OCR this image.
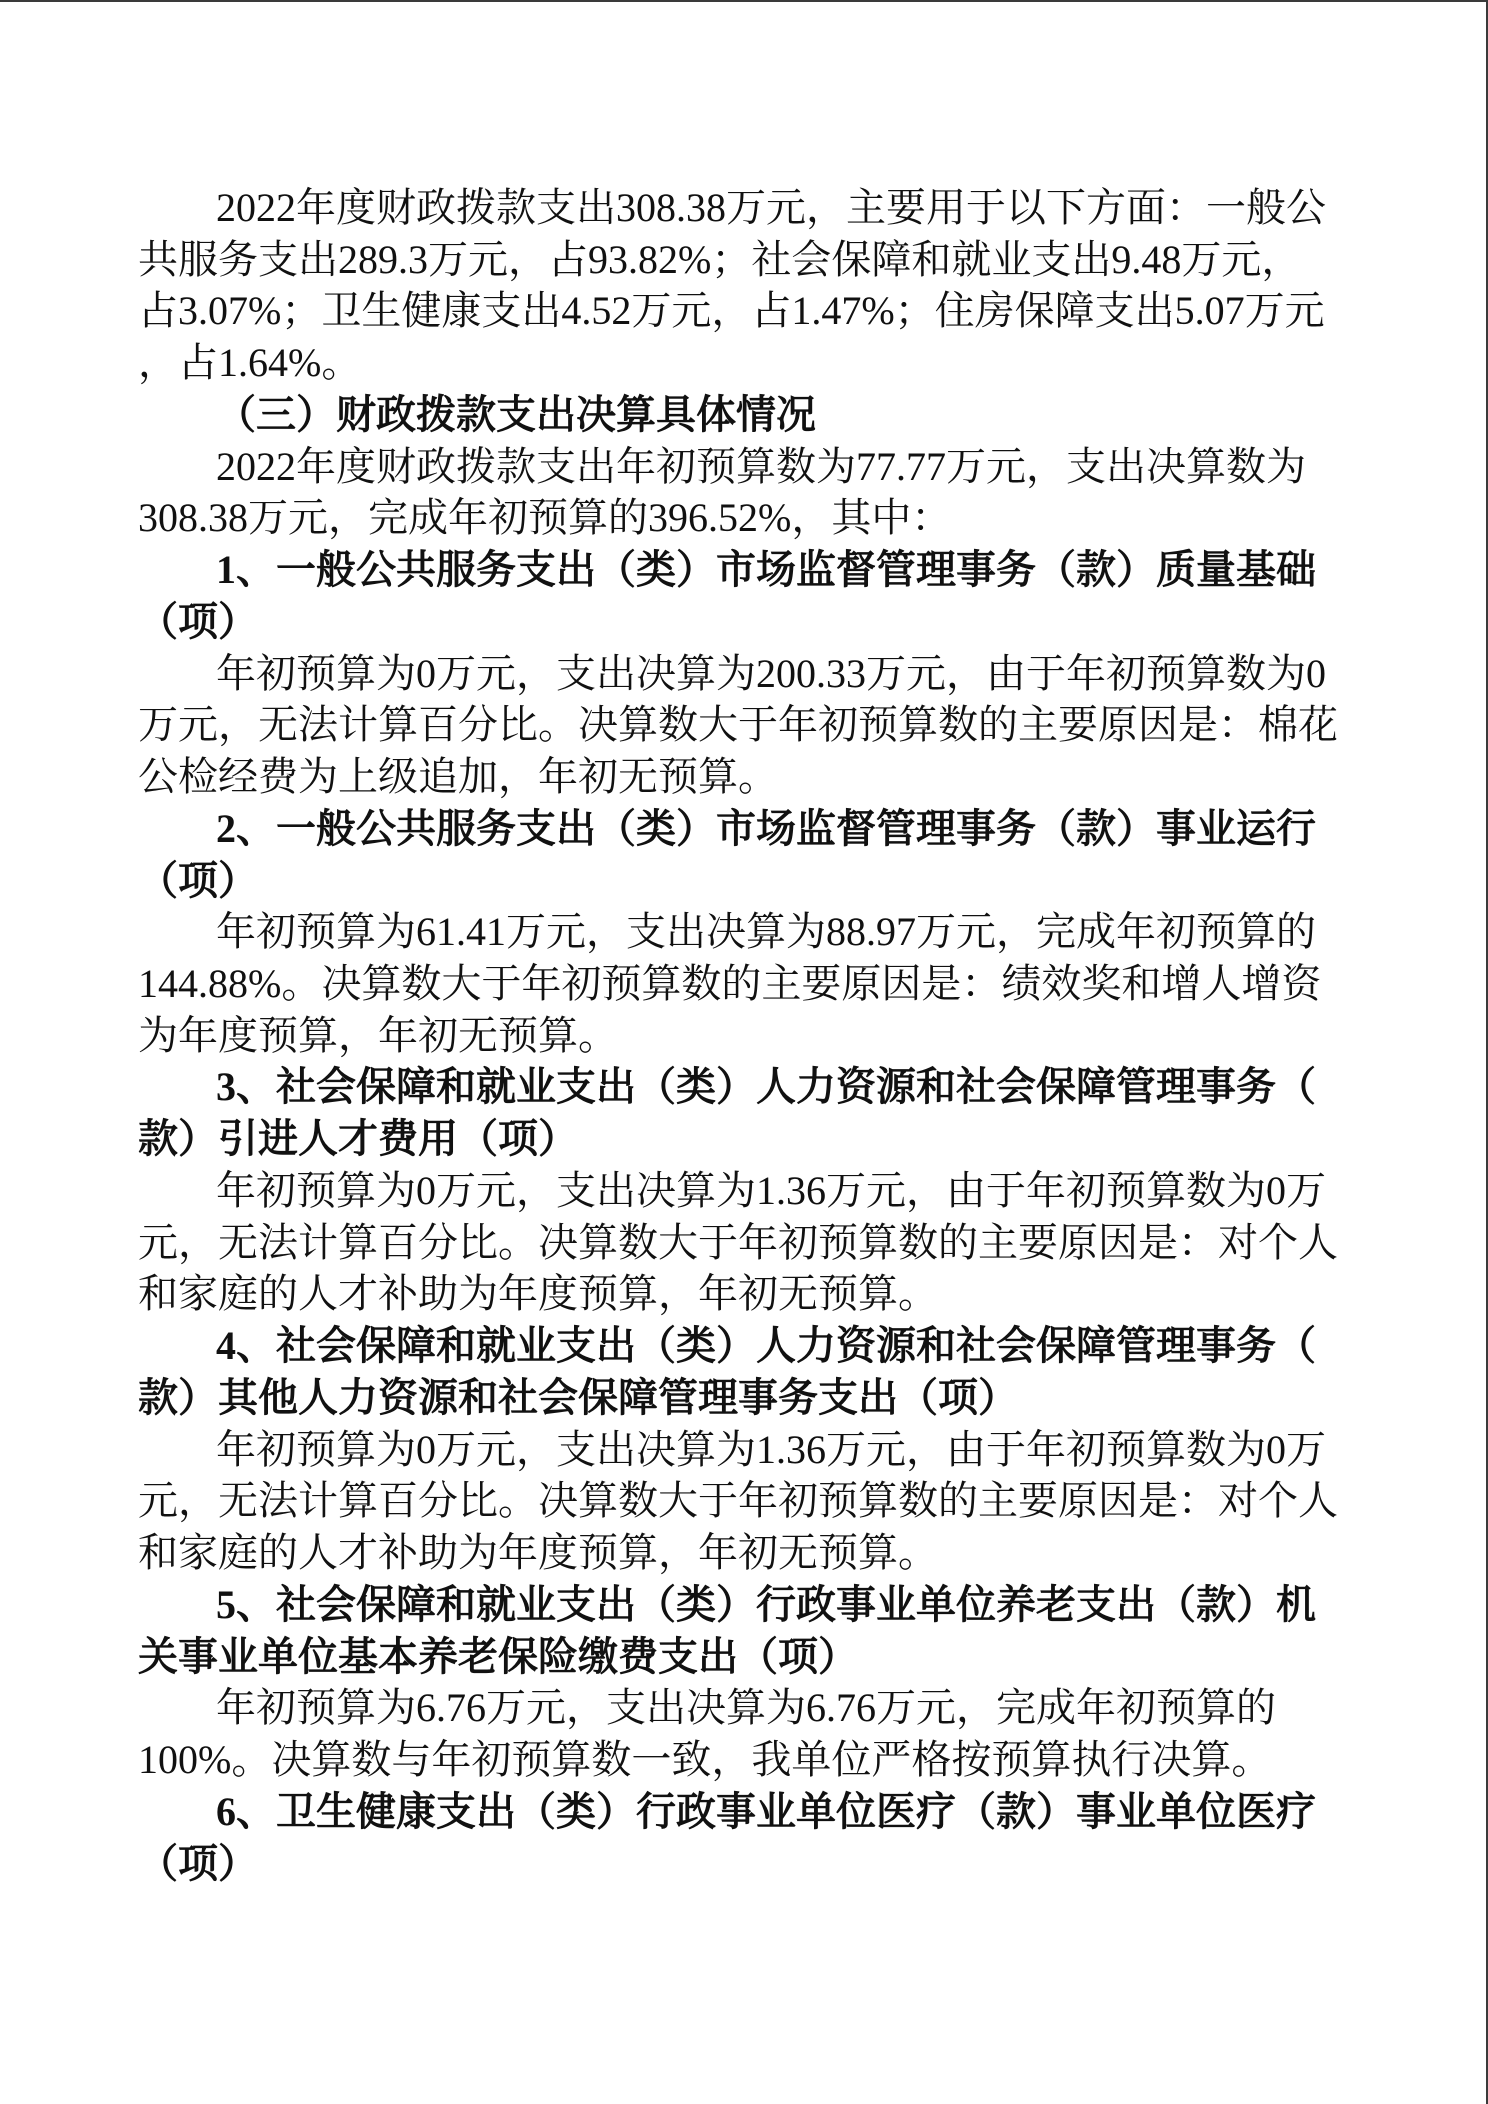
2022年度财政拨款支出308.38万元，主要用于以下方面：一般公
共服务支出289.3万元，占93.82%；社会保障和就业支出9.48万元，
占3.07%；卫生健康支出4.52万元，占1.47%；住房保障支出5.07万元
，占1.64%。
（三）财政拨款支出决算具体情况
2022年度财政拨款支出年初预算数为77.77万元，支出决算数为
308.38万元，完成年初预算的396.52%，其中：
1、一般公共服务支出（类）市场监督管理事务（款）质量基础
（项）
年初预算为0万元，支出决算为200.33万元，由于年初预算数为0
万元，无法计算百分比。决算数大于年初预算数的主要原因是：棉花
公检经费为上级追加，年初无预算。
2、一般公共服务支出（类）市场监督管理事务（款）事业运行
（项）
年初预算为61.41万元，支出决算为88.97万元，完成年初预算的
144.88%。决算数大于年初预算数的主要原因是：绩效奖和增人增资
为年度预算，年初无预算。
3、社会保障和就业支出（类）人力资源和社会保障管理事务（
款）引进人才费用（项）
年初预算为0万元，支出决算为1.36万元，由于年初预算数为0万
元，无法计算百分比。决算数大于年初预算数的主要原因是：对个人
和家庭的人才补助为年度预算，年初无预算。
4、社会保障和就业支出（类）人力资源和社会保障管理事务（
款）其他人力资源和社会保障管理事务支出（项）
年初预算为0万元，支出决算为1.36万元，由于年初预算数为0万
元，无法计算百分比。决算数大于年初预算数的主要原因是：对个人
和家庭的人才补助为年度预算，年初无预算。
5、社会保障和就业支出（类）行政事业单位养老支出（款）机
关事业单位基本养老保险缴费支出（项）
年初预算为6.76万元，支出决算为6.76万元，完成年初预算的
100%。决算数与年初预算数一致，我单位严格按预算执行决算。
6、卫生健康支出（类）行政事业单位医疗（款）事业单位医疗
（项）
